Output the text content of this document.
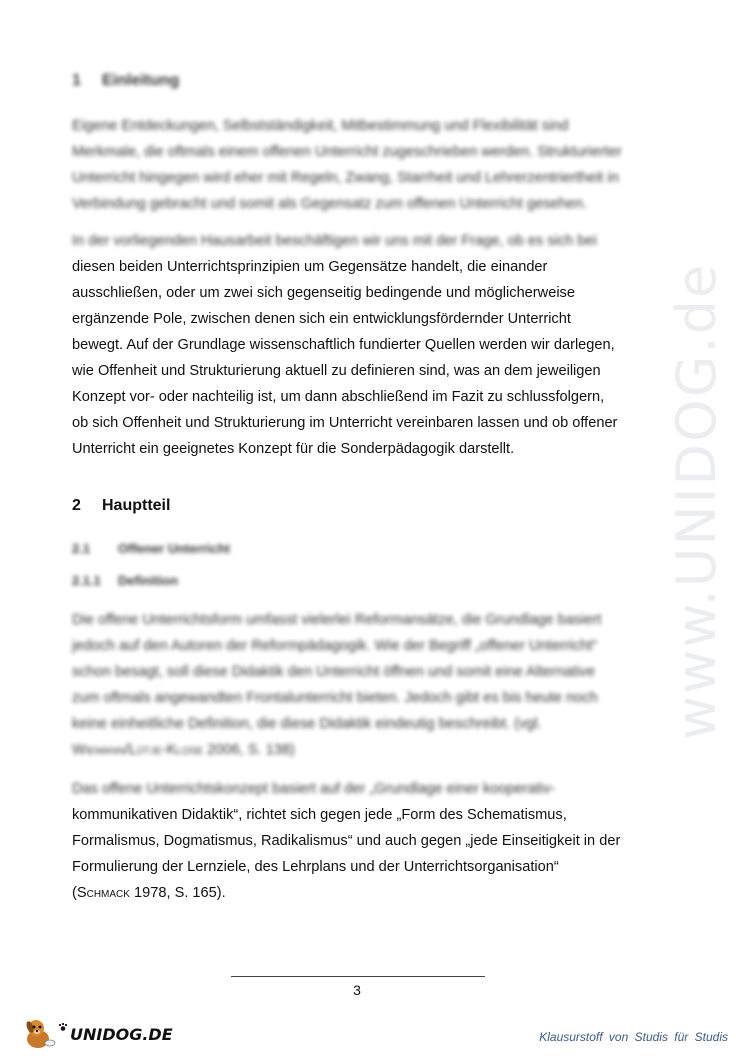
www.UNIDOG.de
1 Einleitung
Eigene Entdeckungen, Selbstständigkeit, Mitbestimmung und Flexibilität sind
Merkmale, die oftmals einem offenen Unterricht zugeschrieben werden. Strukturierter
Unterricht hingegen wird eher mit Regeln, Zwang, Starrheit und Lehrerzentriertheit in
Verbindung gebracht und somit als Gegensatz zum offenen Unterricht gesehen.
In der vorliegenden Hausarbeit beschäftigen wir uns mit der Frage, ob es sich bei
diesen beiden Unterrichtsprinzipien um Gegensätze handelt, die einander
ausschließen, oder um zwei sich gegenseitig bedingende und möglicherweise
ergänzende Pole, zwischen denen sich ein entwicklungsfördernder Unterricht
bewegt. Auf der Grundlage wissenschaftlich fundierter Quellen werden wir darlegen,
wie Offenheit und Strukturierung aktuell zu definieren sind, was an dem jeweiligen
Konzept vor- oder nachteilig ist, um dann abschließend im Fazit zu schlussfolgern,
ob sich Offenheit und Strukturierung im Unterricht vereinbaren lassen und ob offener
Unterricht ein geeignetes Konzept für die Sonderpädagogik darstellt.
2 Hauptteil
2.1 Offener Unterricht
2.1.1 Definition
Die offene Unterrichtsform umfasst vielerlei Reformansätze, die Grundlage basiert
jedoch auf den Autoren der Reformpädagogik. Wie der Begriff „offener Unterricht“
schon besagt, soll diese Didaktik den Unterricht öffnen und somit eine Alternative
zum oftmals angewandten Frontalunterricht bieten. Jedoch gibt es bis heute noch
keine einheitliche Definition, die diese Didaktik eindeutig beschreibt. (vgl.
Wiemann/Lütje-Klose 2006, S. 138)
Das offene Unterrichtskonzept basiert auf der „Grundlage einer kooperativ-
kommunikativen Didaktik“, richtet sich gegen jede „Form des Schematismus,
Formalismus, Dogmatismus, Radikalismus“ und auch gegen „jede Einseitigkeit in der
Formulierung der Lernziele, des Lehrplans und der Unterrichtsorganisation“
(Schmack 1978, S. 165).
3
UNIDOG.DE	Klausurstoff von Studis für Studis
